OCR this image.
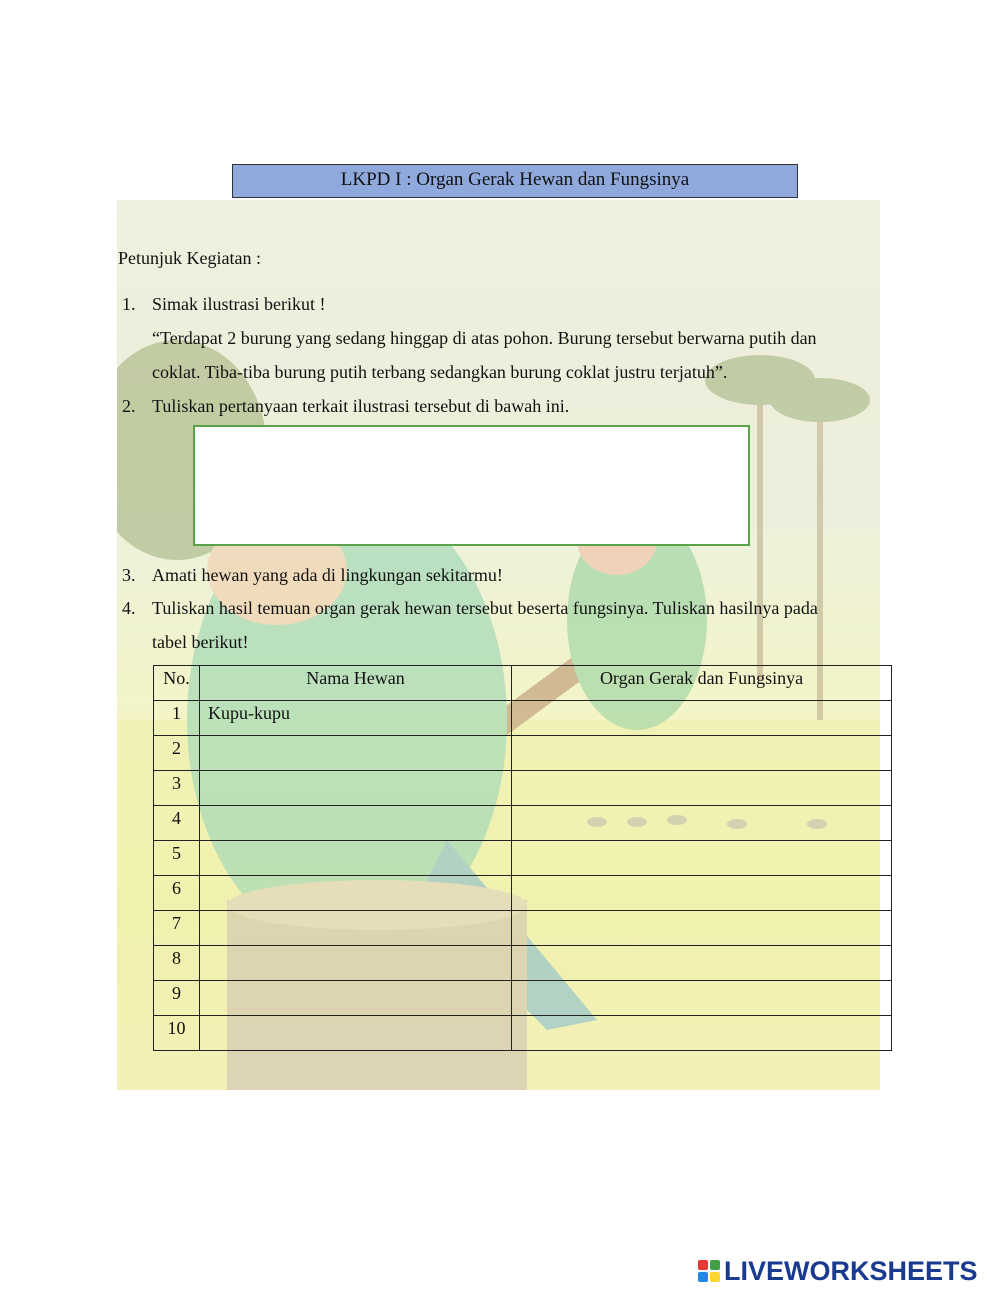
LKPD I : Organ Gerak Hewan dan Fungsinya
Petunjuk Kegiatan :
1. Simak ilustrasi berikut !
“Terdapat 2 burung yang sedang hinggap di atas pohon. Burung tersebut berwarna putih dan
coklat. Tiba-tiba burung putih terbang sedangkan burung coklat justru terjatuh”.
2. Tuliskan pertanyaan terkait ilustrasi tersebut di bawah ini.
3. Amati hewan yang ada di lingkungan sekitarmu!
4. Tuliskan hasil temuan organ gerak hewan tersebut beserta fungsinya. Tuliskan hasilnya pada
tabel berikut!
No.	Nama Hewan	Organ Gerak dan Fungsinya
1	Kupu-kupu	
2		
3		
4		
5		
6		
7		
8		
9		
10		
LIVEWORKSHEETS
